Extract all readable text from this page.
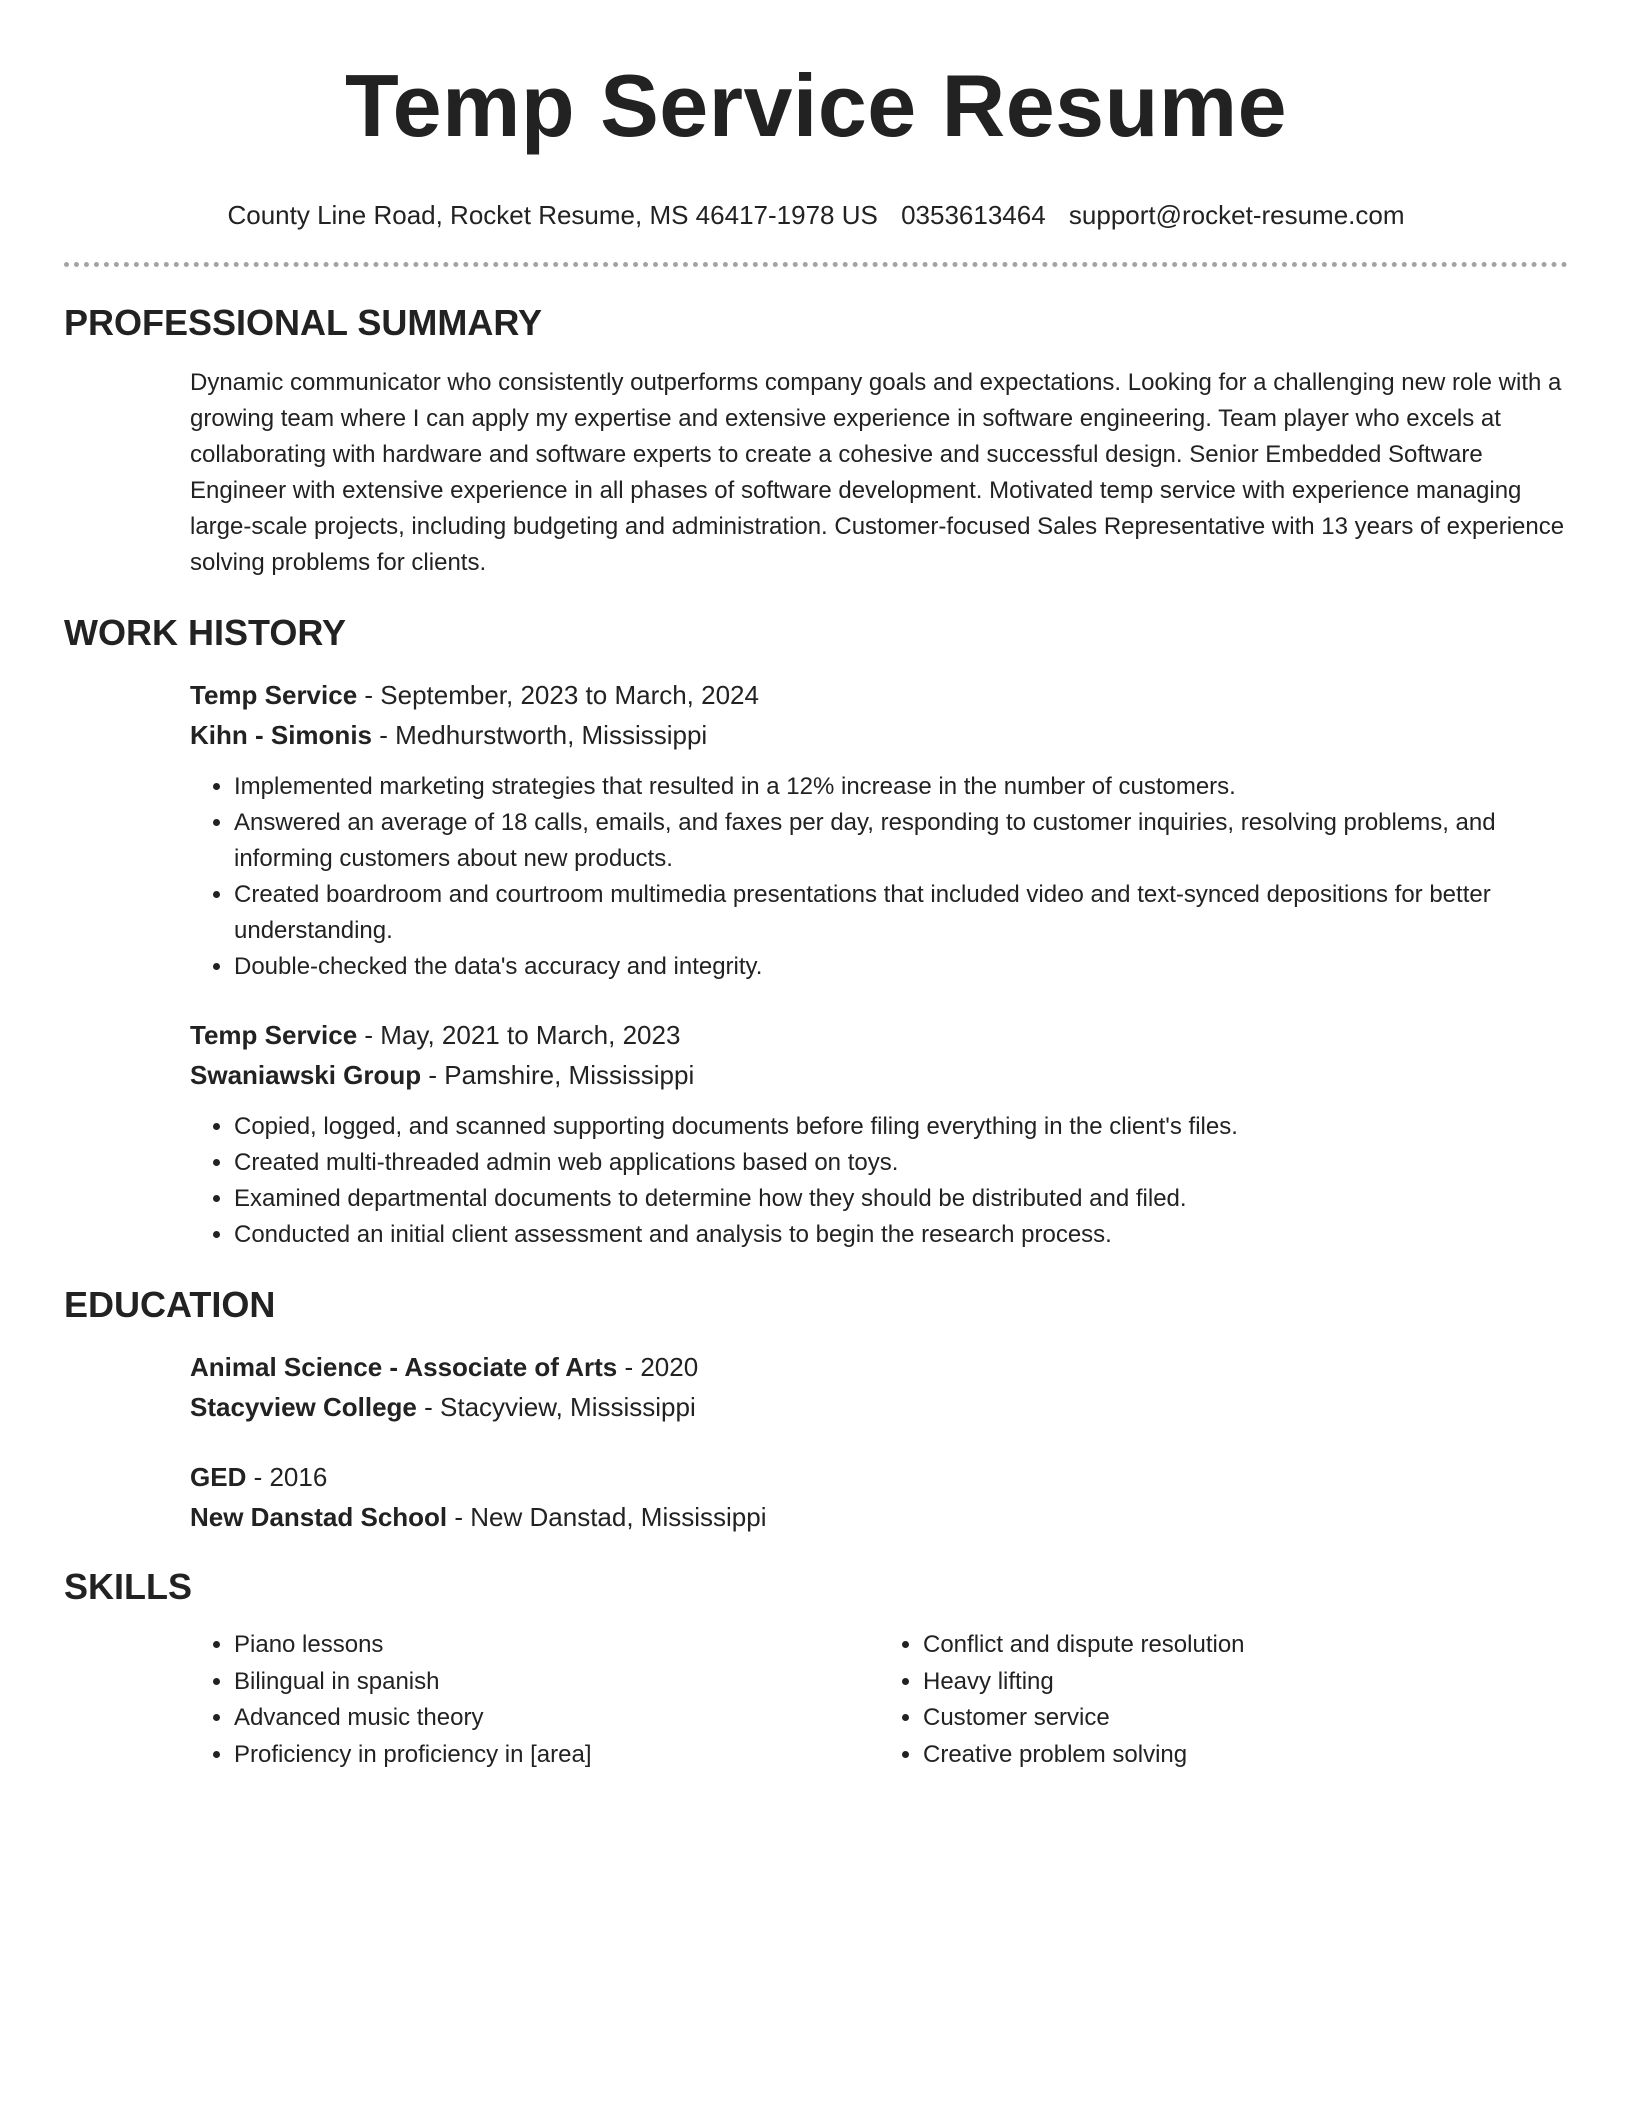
Temp Service Resume
County Line Road, Rocket Resume, MS 46417-1978 US 0353613464 support@rocket-resume.com
PROFESSIONAL SUMMARY

Dynamic communicator who consistently outperforms company goals and expectations. Looking for a challenging new role with a growing team where I can apply my expertise and extensive experience in software engineering. Team player who excels at collaborating with hardware and software experts to create a cohesive and successful design. Senior Embedded Software Engineer with extensive experience in all phases of software development. Motivated temp service with experience managing large-scale projects, including budgeting and administration. Customer-focused Sales Representative with 13 years of experience solving problems for clients.

WORK HISTORY
Temp Service - September, 2023 to March, 2024
Kihn - Simonis - Medhurstworth, Mississippi
• Implemented marketing strategies that resulted in a 12% increase in the number of customers.
• Answered an average of 18 calls, emails, and faxes per day, responding to customer inquiries, resolving problems, and informing customers about new products.
• Created boardroom and courtroom multimedia presentations that included video and text-synced depositions for better understanding.
• Double-checked the data's accuracy and integrity.
Temp Service - May, 2021 to March, 2023
Swaniawski Group - Pamshire, Mississippi
• Copied, logged, and scanned supporting documents before filing everything in the client's files.
• Created multi-threaded admin web applications based on toys.
• Examined departmental documents to determine how they should be distributed and filed.
• Conducted an initial client assessment and analysis to begin the research process.
EDUCATION
Animal Science - Associate of Arts - 2020
Stacyview College - Stacyview, Mississippi
GED - 2016
New Danstad School - New Danstad, Mississippi
SKILLS
• Piano lessons
• Bilingual in spanish
• Advanced music theory
• Proficiency in proficiency in [area]
• Conflict and dispute resolution
• Heavy lifting
• Customer service
• Creative problem solving
